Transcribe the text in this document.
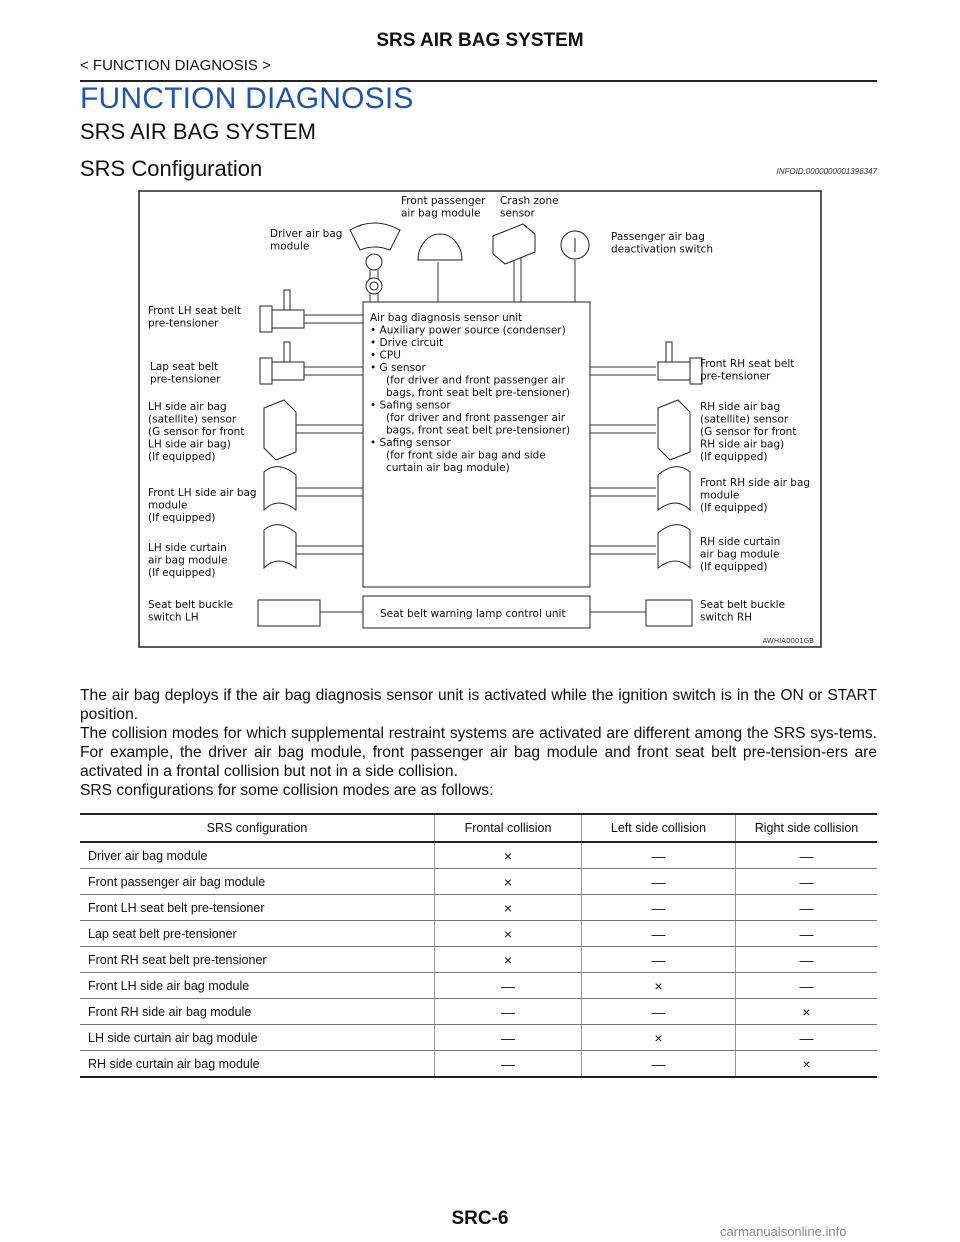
SRS AIR BAG SYSTEM
< FUNCTION DIAGNOSIS >
FUNCTION DIAGNOSIS
SRS AIR BAG SYSTEM
SRS Configuration	INFOID:0000000001396347
Front passenger air bag module
Crash zone sensor
Driver air bag module
Passenger air bag deactivation switch
Front LH seat belt pre-tensioner
Lap seat belt pre-tensioner
LH side air bag (satellite) sensor (G sensor for front LH side air bag) (If equipped)
Front LH side air bag module (If equipped)
LH side curtain air bag module (If equipped)
Seat belt buckle switch LH
Front RH seat belt pre-tensioner
RH side air bag (satellite) sensor (G sensor for front RH side air bag) (If equipped)
Front RH side air bag module (If equipped)
RH side curtain air bag module (If equipped)
Seat belt buckle switch RH
Air bag diagnosis sensor unit • Auxiliary power source (condenser) • Drive circuit • CPU • G sensor (for driver and front passenger air bags, front seat belt pre-tensioner) • Safing sensor (for driver and front passenger air bags, front seat belt pre-tensioner) • Safing sensor (for front side air bag and side curtain air bag module)
Seat belt warning lamp control unit
AWHIA0001GB

The air bag deploys if the air bag diagnosis sensor unit is activated while the ignition switch is in the ON or START position.

The collision modes for which supplemental restraint systems are activated are different among the SRS sys-tems. For example, the driver air bag module, front passenger air bag module and front seat belt pre-tension-ers are activated in a frontal collision but not in a side collision.

SRS configurations for some collision modes are as follows:

SRS configuration	Frontal collision	Left side collision	Right side collision
Driver air bag module	×	—	—
Front passenger air bag module	×	—	—
Front LH seat belt pre-tensioner	×	—	—
Lap seat belt pre-tensioner	×	—	—
Front RH seat belt pre-tensioner	×	—	—
Front LH side air bag module	—	×	—
Front RH side air bag module	—	—	×
LH side curtain air bag module	—	×	—
RH side curtain air bag module	—	—	×
SRC-6
carmanualsonline.info
